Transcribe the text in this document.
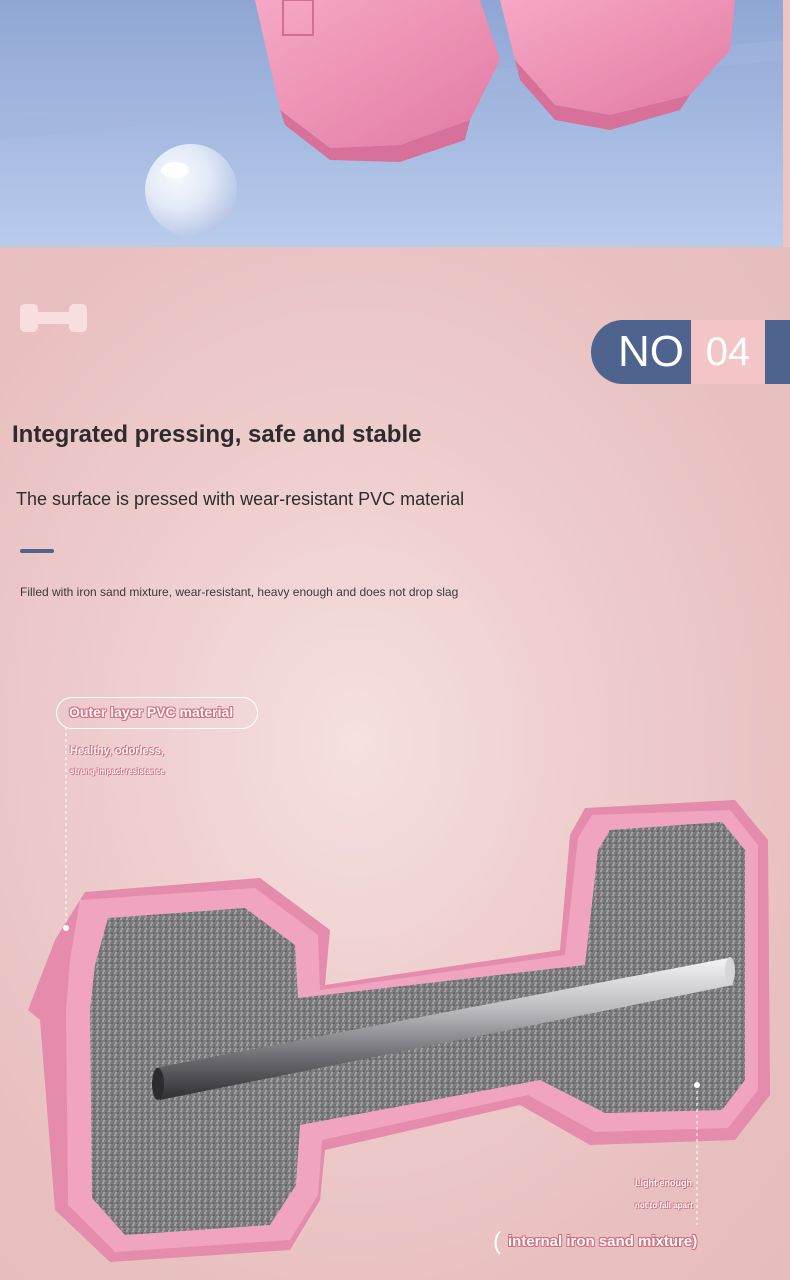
NO 04
Integrated pressing, safe and stable
The surface is pressed with wear-resistant PVC material
Filled with iron sand mixture, wear-resistant, heavy enough and does not drop slag
Outer layer PVC material
Healthy, odorless,
strong impact resistance
Light enough
not to fall apart
( internal iron sand mixture)
